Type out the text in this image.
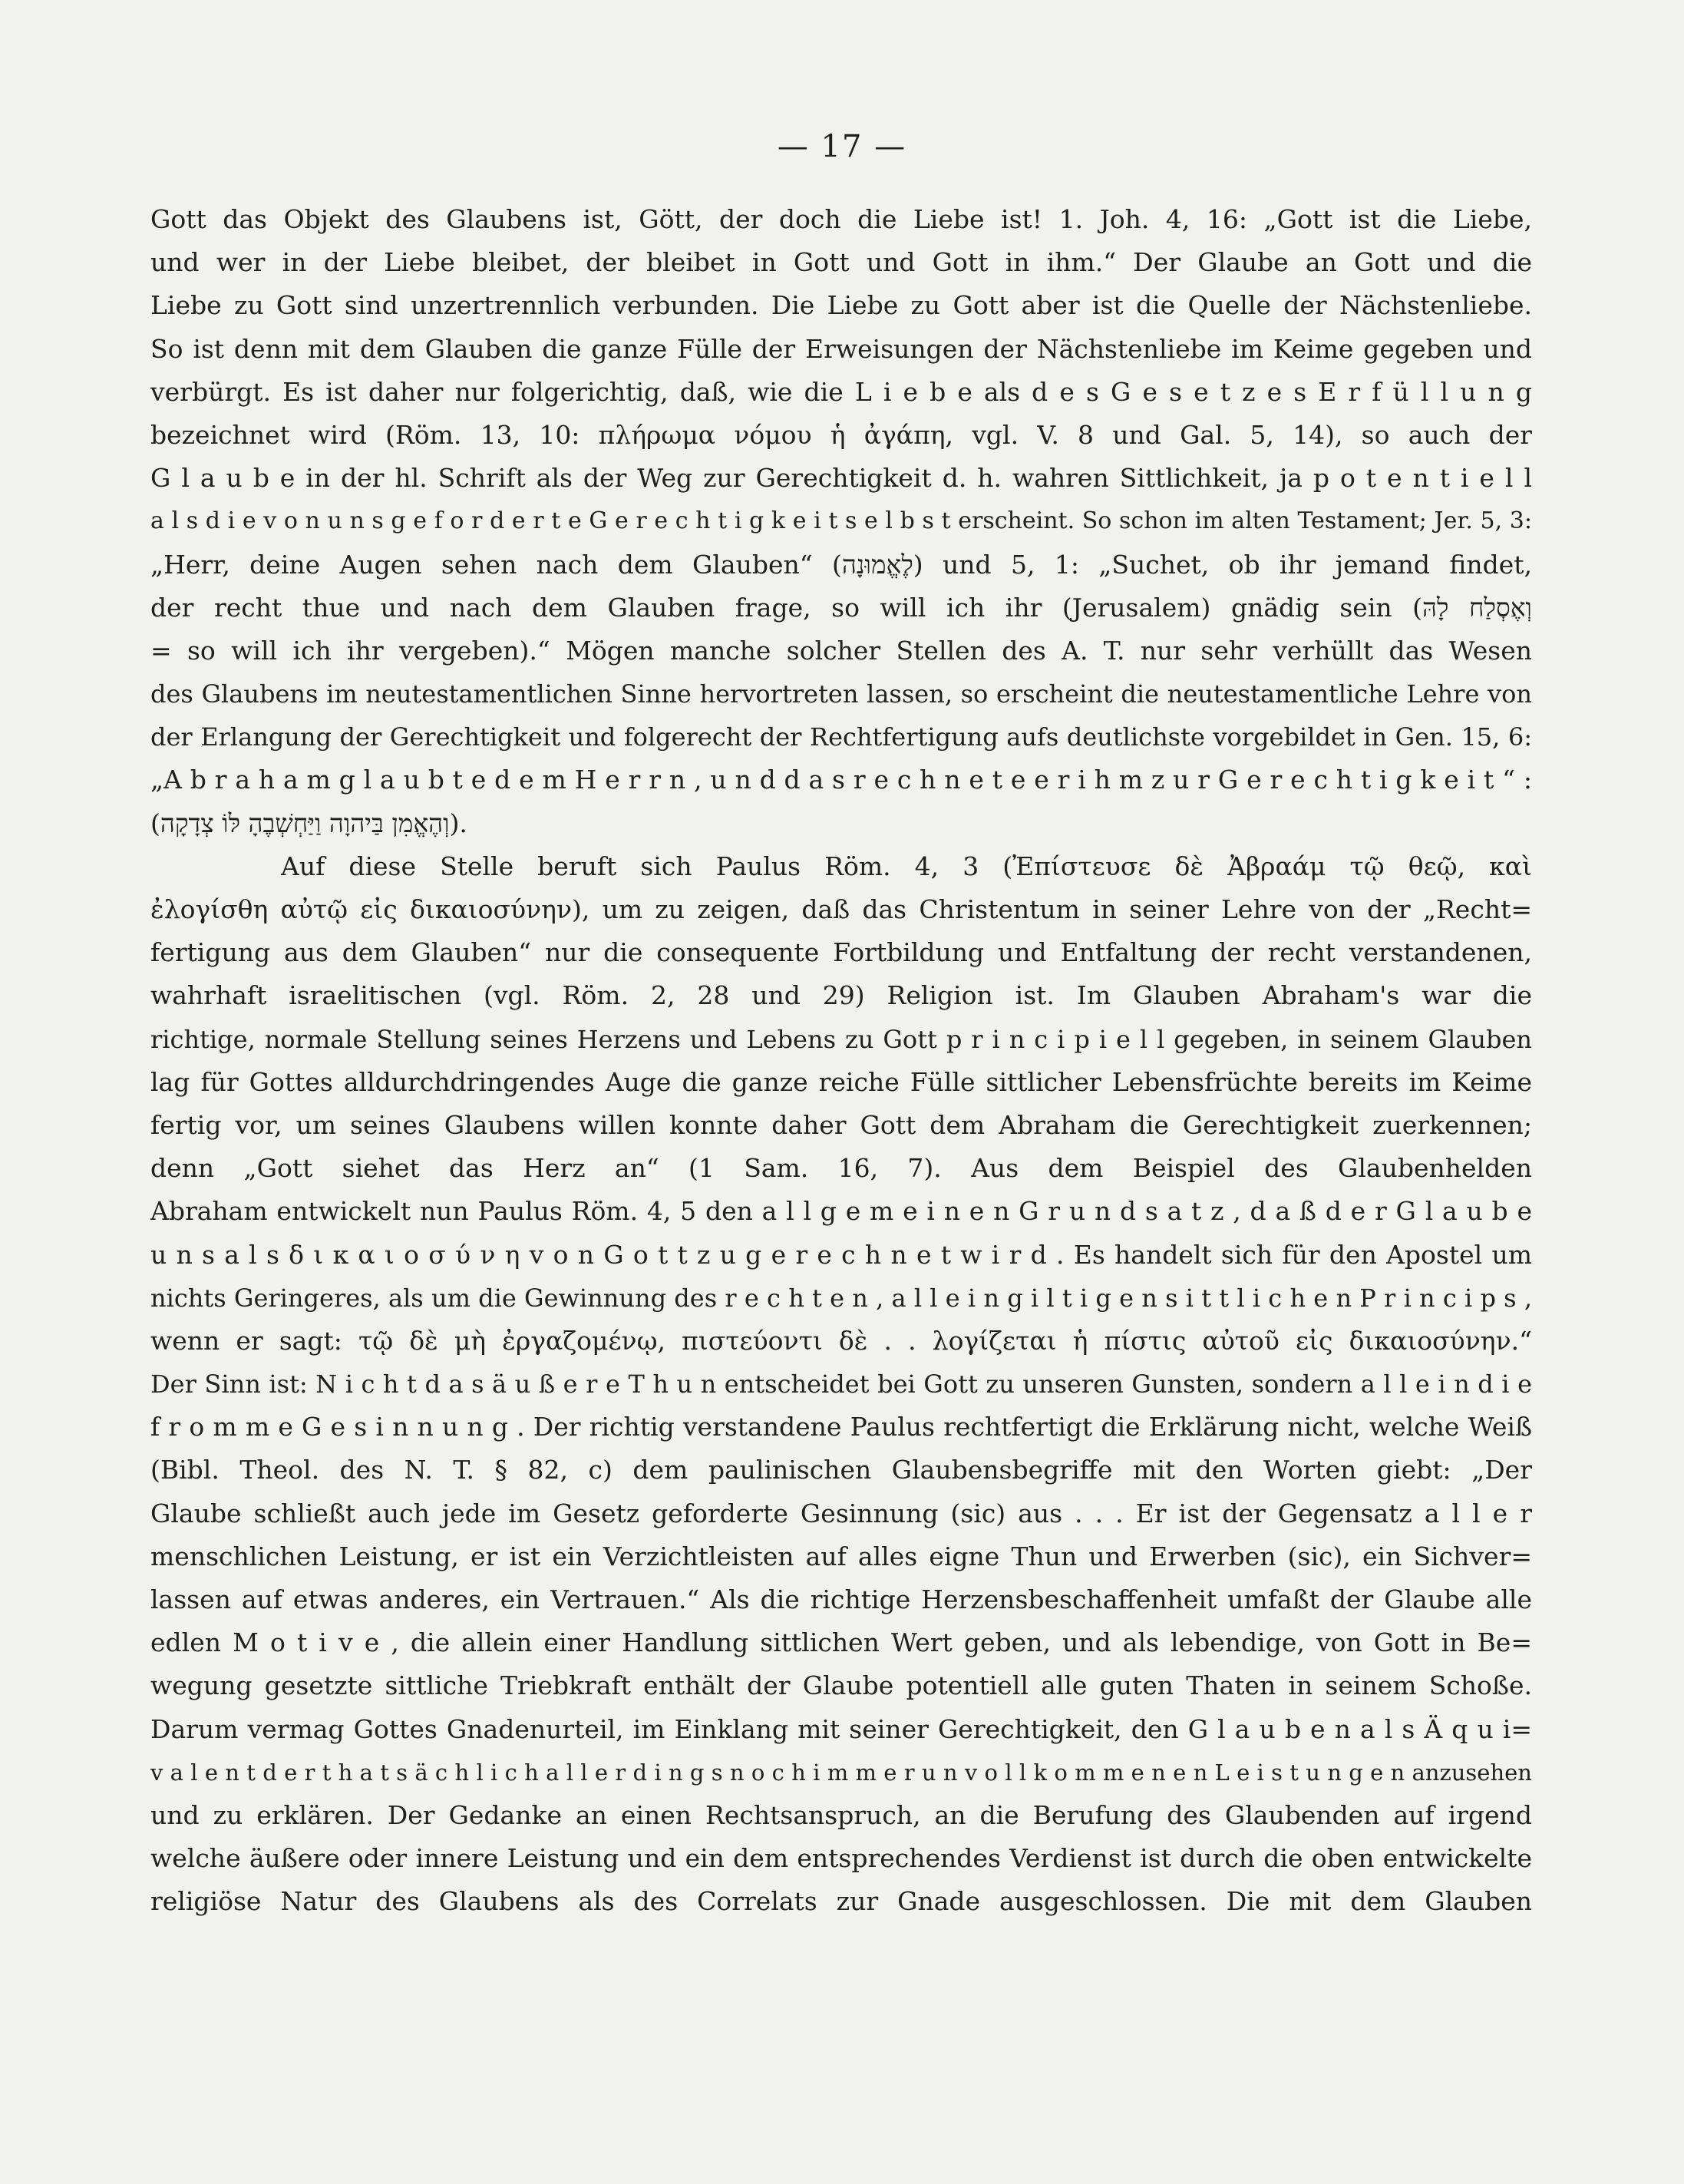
— 17 —
Gott das Objekt des Glaubens ist, Gött, der doch die Liebe ist! 1. Joh. 4, 16: „Gott ist die Liebe,
und wer in der Liebe bleibet, der bleibet in Gott und Gott in ihm.“ Der Glaube an Gott und die
Liebe zu Gott sind unzertrennlich verbunden. Die Liebe zu Gott aber ist die Quelle der Nächstenliebe.
So ist denn mit dem Glauben die ganze Fülle der Erweisungen der Nächstenliebe im Keime gegeben und
verbürgt. Es ist daher nur folgerichtig, daß, wie die L i e b e als d e s G e s e t z e s E r f ü l l u n g
bezeichnet wird (Röm. 13, 10: πλήρωμα νόμου ἡ ἀγάπη, vgl. V. 8 und Gal. 5, 14), so auch der
G l a u b e in der hl. Schrift als der Weg zur Gerechtigkeit d. h. wahren Sittlichkeit, ja p o t e n t i e l l
a l s d i e v o n u n s g e f o r d e r t e G e r e c h t i g k e i t s e l b s t erscheint. So schon im alten Testament; Jer. 5, 3:
„Herr, deine Augen sehen nach dem Glauben“ (לֶאֱמוּנָה) und 5, 1: „Suchet, ob ihr jemand findet,
der recht thue und nach dem Glauben frage, so will ich ihr (Jerusalem) gnädig sein (וְאֶסְלַח לָהּ
= so will ich ihr vergeben).“ Mögen manche solcher Stellen des A. T. nur sehr verhüllt das Wesen
des Glaubens im neutestamentlichen Sinne hervortreten lassen, so erscheint die neutestamentliche Lehre von
der Erlangung der Gerechtigkeit und folgerecht der Rechtfertigung aufs deutlichste vorgebildet in Gen. 15, 6:
„A b r a h a m g l a u b t e d e m H e r r n , u n d d a s r e c h n e t e e r i h m z u r G e r e c h t i g k e i t “ :
(וְהֶאֱמִן בַּיהוָה וַיַּחְשְׁבֶהָ לּוֹ צְדָקָה).
Auf diese Stelle beruft sich Paulus Röm. 4, 3 (Ἐπίστευσε δὲ Ἀβραάμ τῷ θεῷ, καὶ
ἐλογίσθη αὐτῷ εἰς δικαιοσύνην), um zu zeigen, daß das Christentum in seiner Lehre von der „Recht=
fertigung aus dem Glauben“ nur die consequente Fortbildung und Entfaltung der recht verstandenen,
wahrhaft israelitischen (vgl. Röm. 2, 28 und 29) Religion ist. Im Glauben Abraham's war die
richtige, normale Stellung seines Herzens und Lebens zu Gott p r i n c i p i e l l gegeben, in seinem Glauben
lag für Gottes alldurchdringendes Auge die ganze reiche Fülle sittlicher Lebensfrüchte bereits im Keime
fertig vor, um seines Glaubens willen konnte daher Gott dem Abraham die Gerechtigkeit zuerkennen;
denn „Gott siehet das Herz an“ (1 Sam. 16, 7). Aus dem Beispiel des Glaubenhelden
Abraham entwickelt nun Paulus Röm. 4, 5 den a l l g e m e i n e n G r u n d s a t z , d a ß d e r G l a u b e
u n s a l s δ ι κ α ι ο σ ύ ν η v o n G o t t z u g e r e c h n e t w i r d . Es handelt sich für den Apostel um
nichts Geringeres, als um die Gewinnung des r e c h t e n , a l l e i n g i l t i g e n s i t t l i c h e n P r i n c i p s ,
wenn er sagt: τῷ δὲ μὴ ἐργαζομένῳ, πιστεύοντι δὲ . . λογίζεται ἡ πίστις αὐτοῦ εἰς δικαιοσύνην.“
Der Sinn ist: N i c h t d a s ä u ß e r e T h u n entscheidet bei Gott zu unseren Gunsten, sondern a l l e i n d i e
f r o m m e G e s i n n u n g . Der richtig verstandene Paulus rechtfertigt die Erklärung nicht, welche Weiß
(Bibl. Theol. des N. T. § 82, c) dem paulinischen Glaubensbegriffe mit den Worten giebt: „Der
Glaube schließt auch jede im Gesetz geforderte Gesinnung (sic) aus . . . Er ist der Gegensatz a l l e r
menschlichen Leistung, er ist ein Verzichtleisten auf alles eigne Thun und Erwerben (sic), ein Sichver=
lassen auf etwas anderes, ein Vertrauen.“ Als die richtige Herzensbeschaffenheit umfaßt der Glaube alle
edlen M o t i v e , die allein einer Handlung sittlichen Wert geben, und als lebendige, von Gott in Be=
wegung gesetzte sittliche Triebkraft enthält der Glaube potentiell alle guten Thaten in seinem Schoße.
Darum vermag Gottes Gnadenurteil, im Einklang mit seiner Gerechtigkeit, den G l a u b e n a l s Ä q u i=
v a l e n t d e r t h a t s ä c h l i c h a l l e r d i n g s n o c h i m m e r u n v o l l k o m m e n e n L e i s t u n g e n anzusehen
und zu erklären. Der Gedanke an einen Rechtsanspruch, an die Berufung des Glaubenden auf irgend
welche äußere oder innere Leistung und ein dem entsprechendes Verdienst ist durch die oben entwickelte
religiöse Natur des Glaubens als des Correlats zur Gnade ausgeschlossen. Die mit dem Glauben
